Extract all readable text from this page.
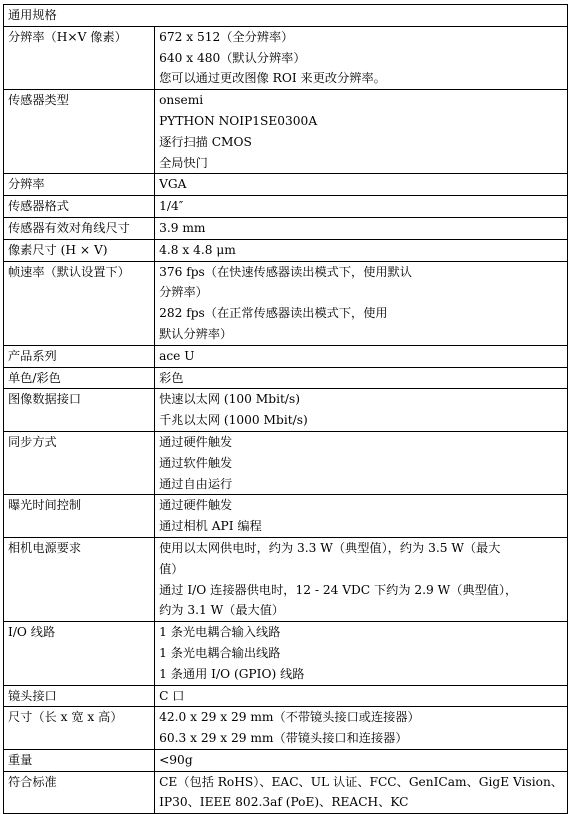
通用规格	
分辨率（H×V 像素）	672 x 512（全分辨率）
640 x 480（默认分辨率）
您可以通过更改图像 ROI 来更改分辨率。

传感器类型	onsemi
PYTHON NOIP1SE0300A
逐行扫描 CMOS
全局快门

分辨率	VGA

传感器格式	1/4″

传感器有效对角线尺寸	3.9 mm

像素尺寸 (H × V)	4.8 x 4.8 μm

帧速率（默认设置下）	376 fps（在快速传感器读出模式下，使用默认
分辨率）
282 fps（在正常传感器读出模式下，使用
默认分辨率）

产品系列	ace U

单色/彩色	彩色

图像数据接口	快速以太网 (100 Mbit/s)
千兆以太网 (1000 Mbit/s)

同步方式	通过硬件触发
通过软件触发
通过自由运行

曝光时间控制	通过硬件触发
通过相机 API 编程

相机电源要求	使用以太网供电时，约为 3.3 W（典型值），约为 3.5 W（最大
值）
通过 I/O 连接器供电时，12 - 24 VDC 下约为 2.9 W（典型值），
约为 3.1 W（最大值）

I/O 线路	1 条光电耦合输入线路
1 条光电耦合输出线路
1 条通用 I/O (GPIO) 线路

镜头接口	C 口

尺寸（长 x 宽 x 高）	42.0 x 29 x 29 mm（不带镜头接口或连接器）
60.3 x 29 x 29 mm（带镜头接口和连接器）

重量	<90g

符合标准	CE（包括 RoHS）、EAC、UL 认证、FCC、GenICam、GigE Vision、
IP30、IEEE 802.3af (PoE)、REACH、KC
